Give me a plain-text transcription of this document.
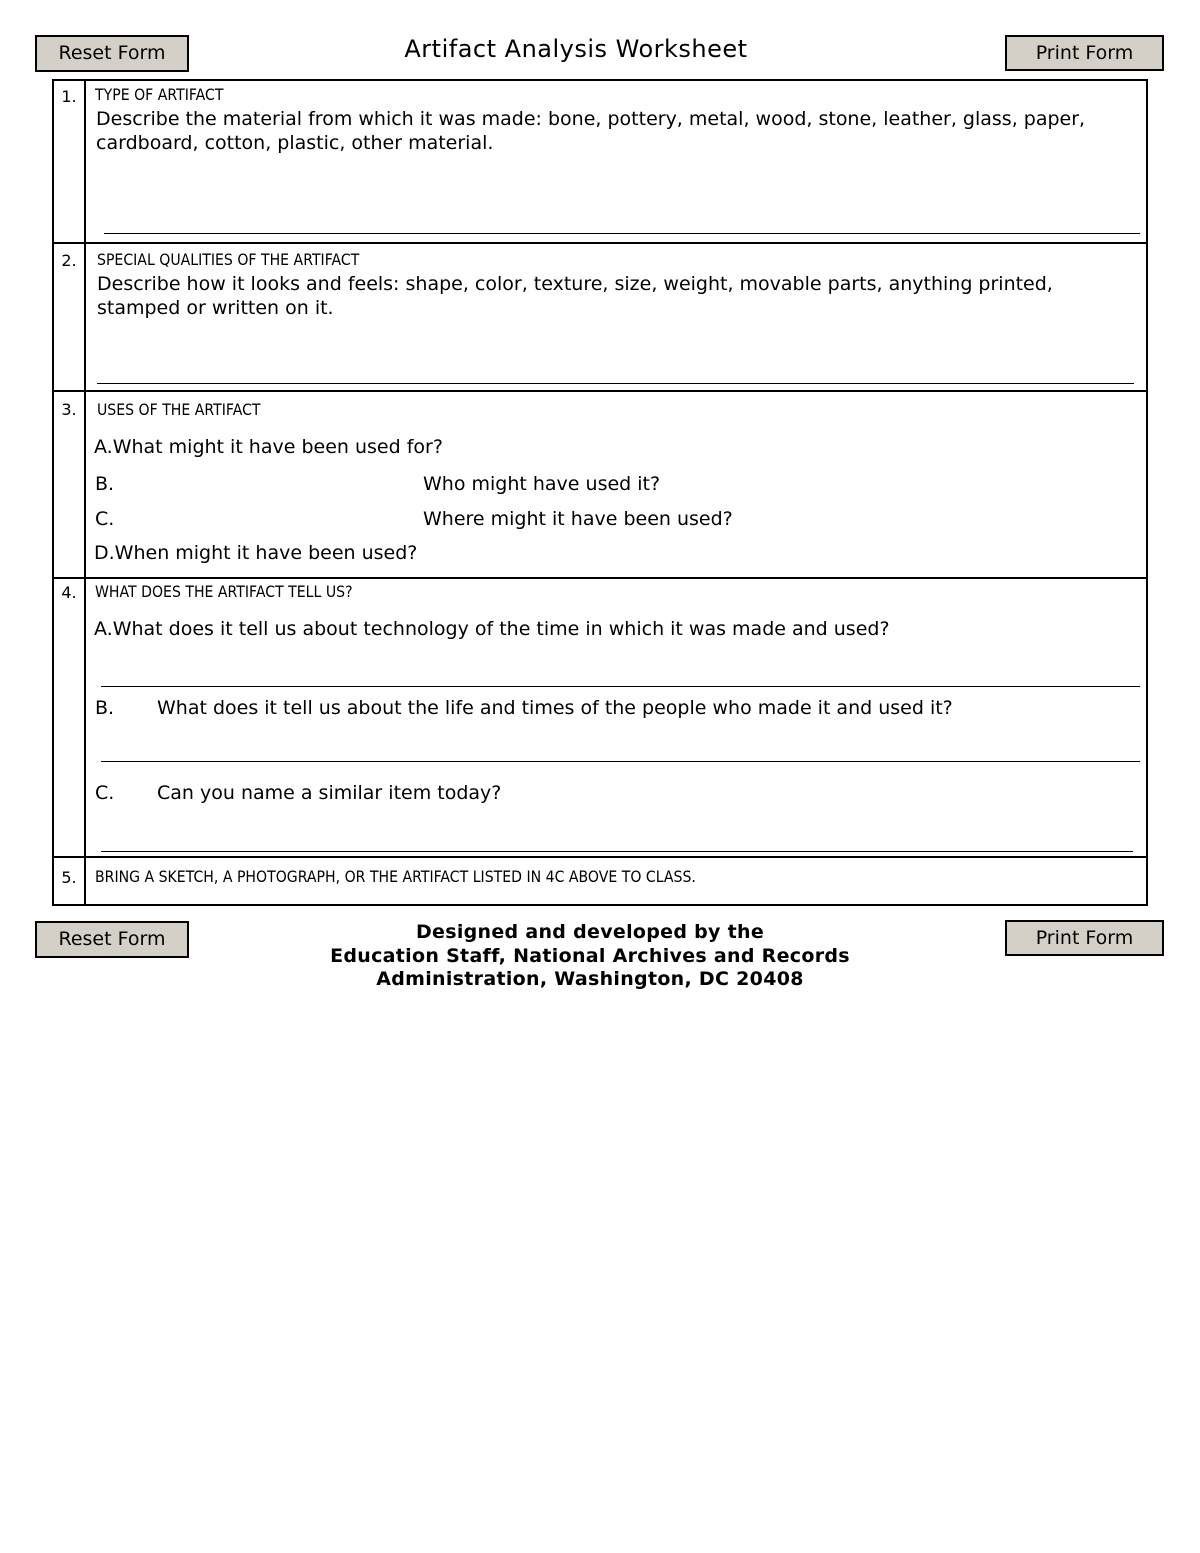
Reset Form	Artifact Analysis Worksheet	Print Form
1.	TYPE OF ARTIFACT
Describe the material from which it was made: bone, pottery, metal, wood, stone, leather, glass, paper, cardboard, cotton, plastic, other material.
2.	SPECIAL QUALITIES OF THE ARTIFACT
Describe how it looks and feels: shape, color, texture, size, weight, movable parts, anything printed, stamped or written on it.
3.	USES OF THE ARTIFACT
A.What might it have been used for?
B.	Who might have used it?
C.	Where might it have been used?
D.When might it have been used?
4.	WHAT DOES THE ARTIFACT TELL US?
A.What does it tell us about technology of the time in which it was made and used?
B. What does it tell us about the life and times of the people who made it and used it?
C. Can you name a similar item today?
5.	BRING A SKETCH, A PHOTOGRAPH, OR THE ARTIFACT LISTED IN 4C ABOVE TO CLASS.
Reset Form	Designed and developed by the
Education Staff, National Archives and Records
Administration, Washington, DC 20408
Print Form
